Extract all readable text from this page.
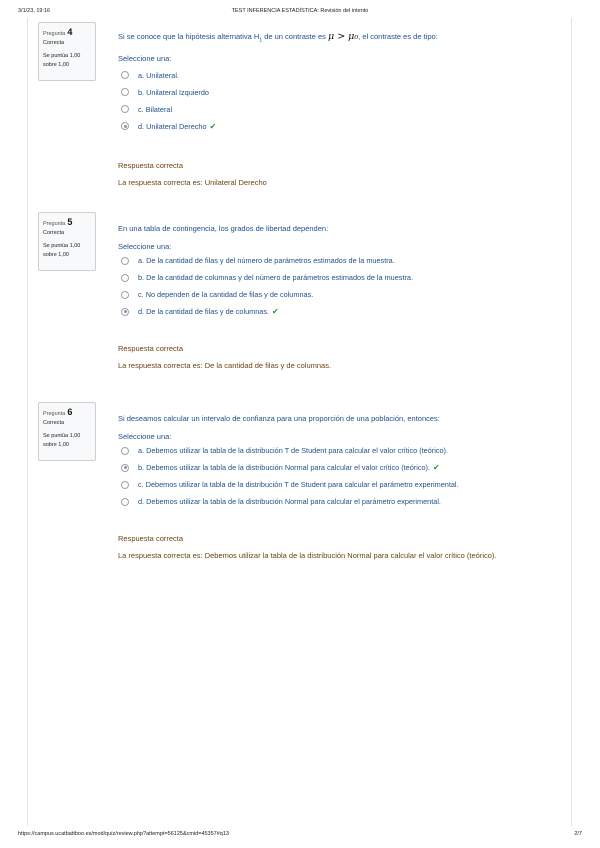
3/1/23, 19:16	TEST INFERENCIA ESTADÍSTICA: Revisión del intento
Pregunta 4
Correcta
Se puntúa 1,00
sobre 1,00
Si se conoce que la hipótesis alternativa $H_1$ de un contraste es μ > μ₀, el contraste es de tipo:
Seleccione una:
a. Unilateral.
b. Unilateral Izquierdo
c. Bilateral
d. Unilateral Derecho ✔
Respuesta correcta
La respuesta correcta es: Unilateral Derecho
Pregunta 5
Correcta
Se puntúa 1,00
sobre 1,00
En una tabla de contingencia, los grados de libertad dependen:
Seleccione una:
a. De la cantidad de filas y del número de parámetros estimados de la muestra.
b. De la cantidad de columnas y del número de parámetros estimados de la muestra.
c. No dependen de la cantidad de filas y de columnas.
d. De la cantidad de filas y de columnas. ✔
Respuesta correcta
La respuesta correcta es: De la cantidad de filas y de columnas.
Pregunta 6
Correcta
Se puntúa 1,00
sobre 1,00
Si deseamos calcular un intervalo de confianza para una proporción de una población, entonces:
Seleccione una:
a. Debemos utilizar la tabla de la distribución T de Student para calcular el valor crítico (teórico).
b. Debemos utilizar la tabla de la distribución Normal para calcular el valor crítico (teórico). ✔
c. Debemos utilizar la tabla de la distribución T de Student para calcular el parámetro experimental.
d. Debemos utilizar la tabla de la distribución Normal para calcular el parámetro experimental.
Respuesta correcta
La respuesta correcta es: Debemos utilizar la tabla de la distribución Normal para calcular el valor crítico (teórico).
https://campus.ucatbattboo.es/mod/quiz/review.php?attempt=56125&cmid=45357#q13	2/7
